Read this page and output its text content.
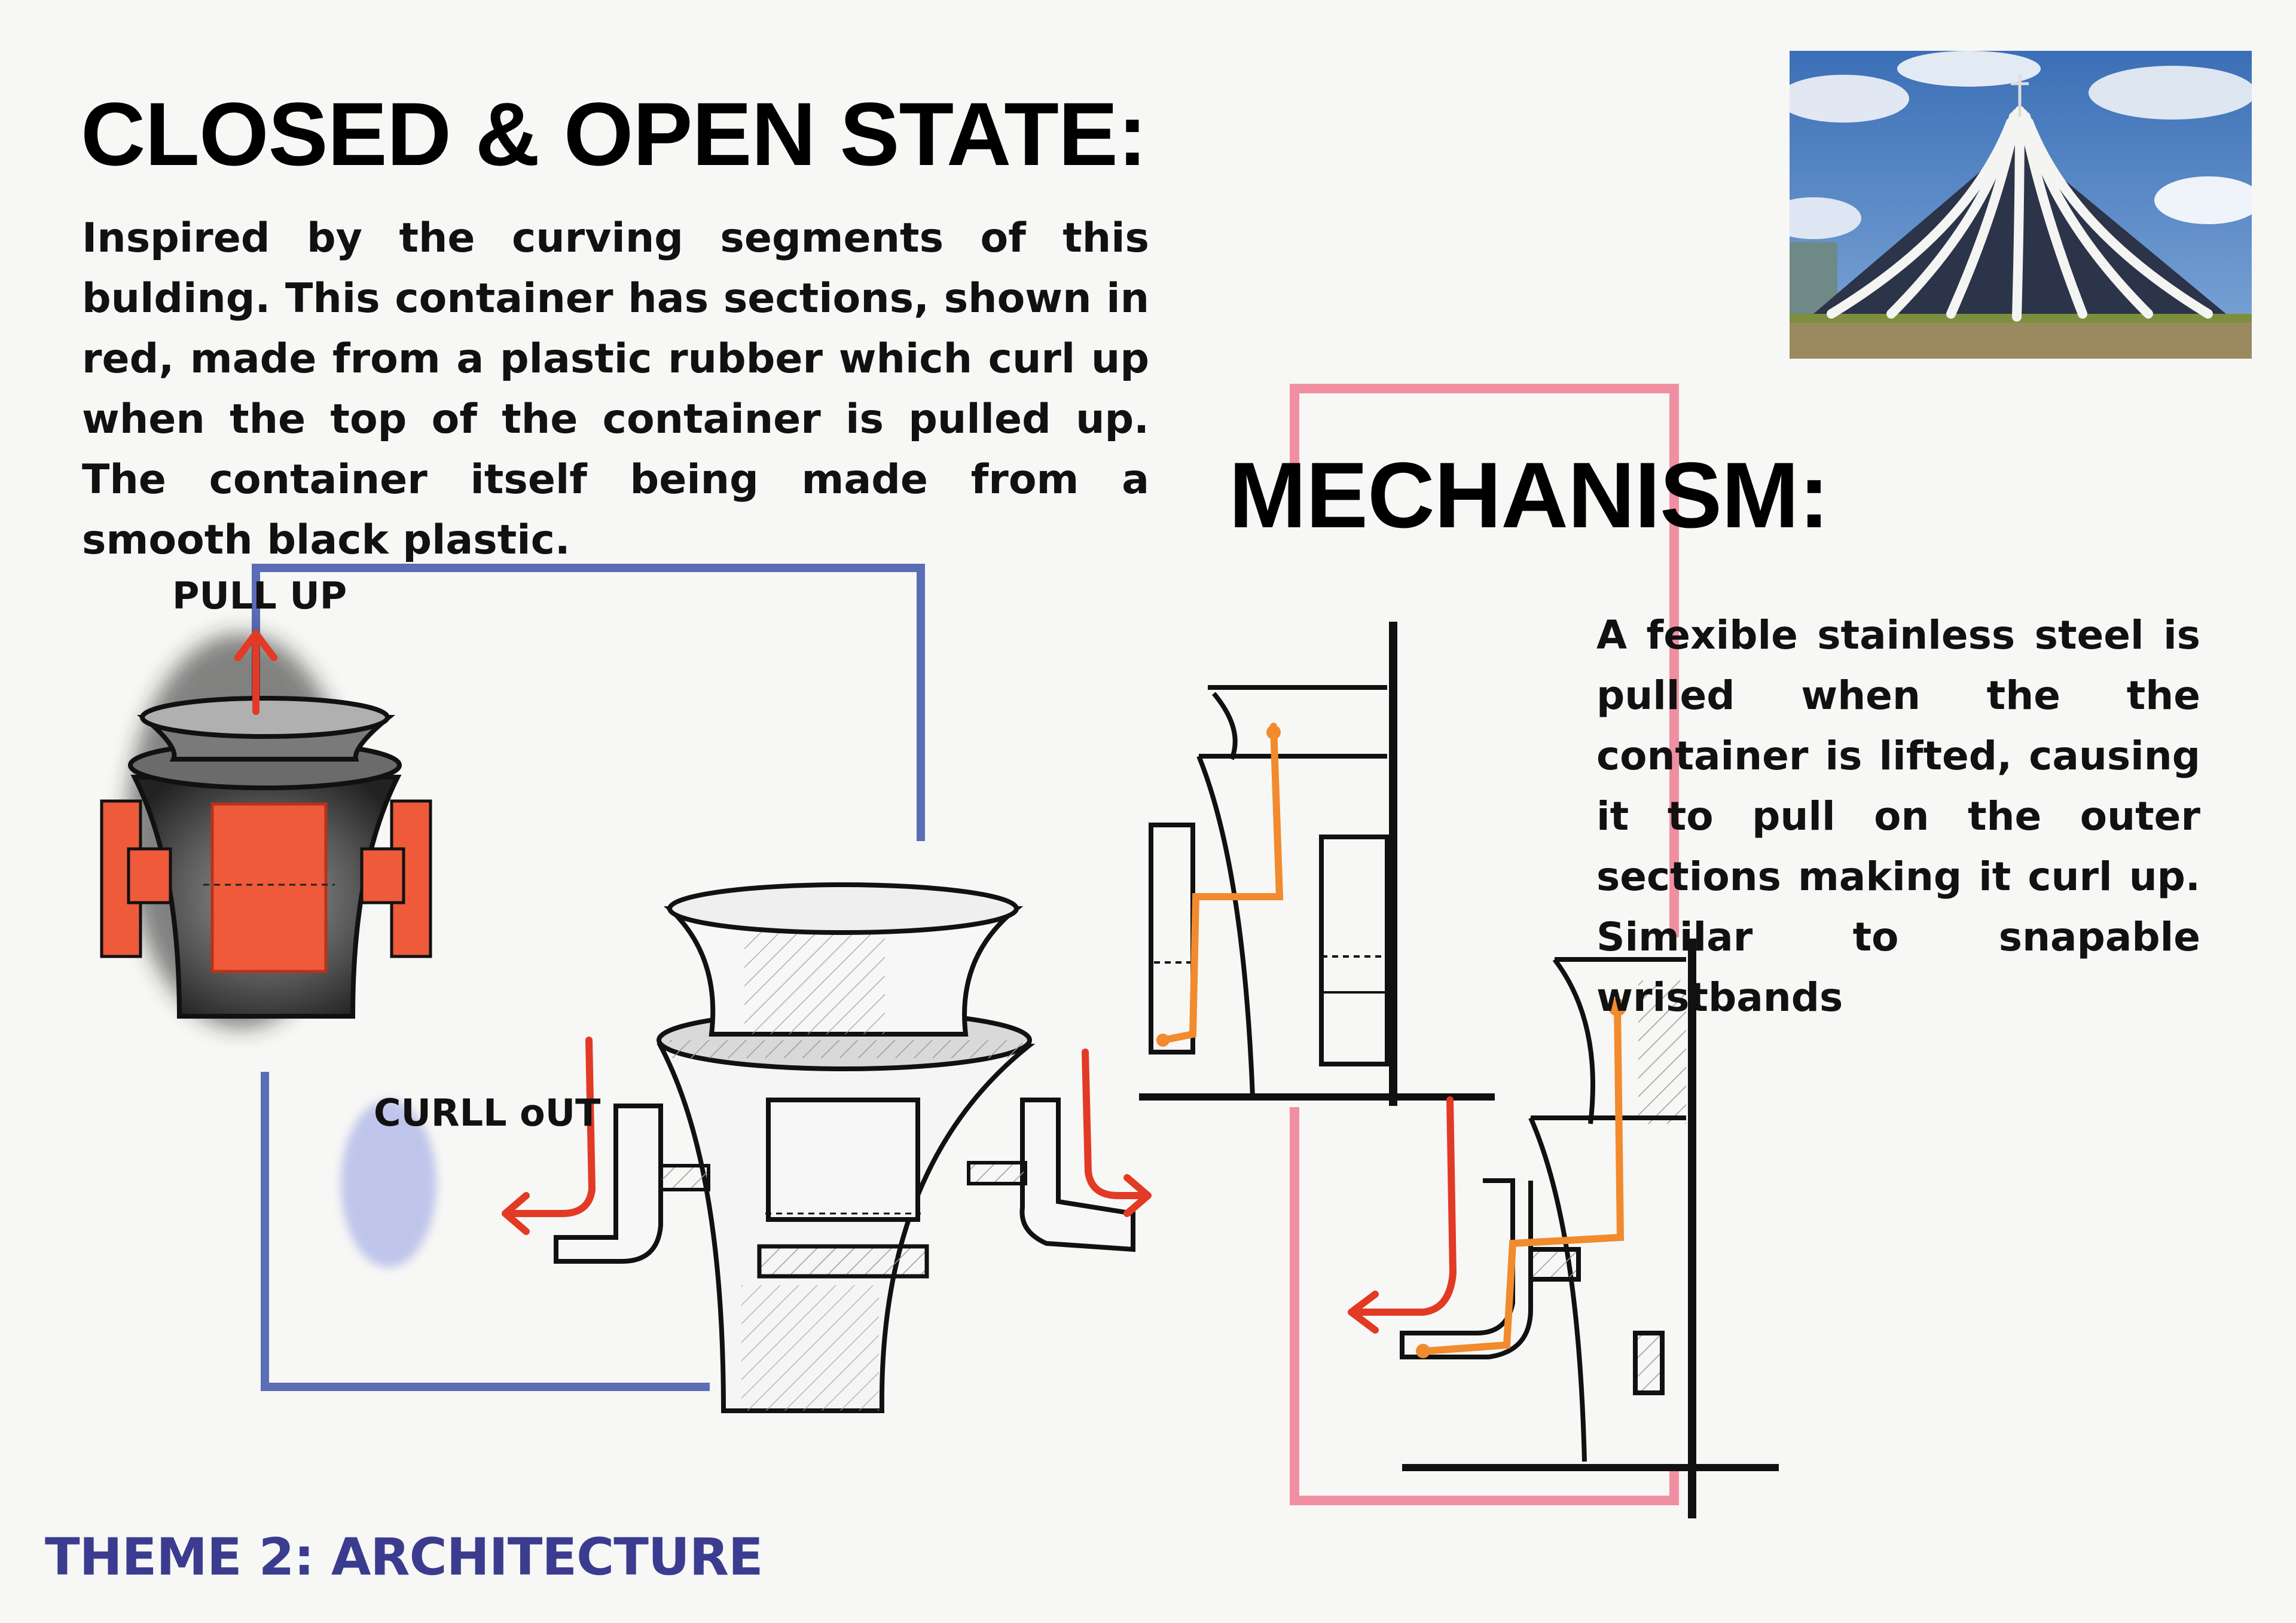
CLOSED & OPEN STATE:

Inspired by the curving segments of this bulding. This container has sections, shown in red, made from a plastic rubber which curl up when the top of the container is pulled up. The container itself being made from a smooth black plastic.	MECHANISM:

A fexible stainless steel is pulled when the the container is lifted, causing it to pull on the outer sections making it curl up. Similar to snapable wristbands

PULL UP
CURLL oUT
THEME 2: ARCHITECTURE
